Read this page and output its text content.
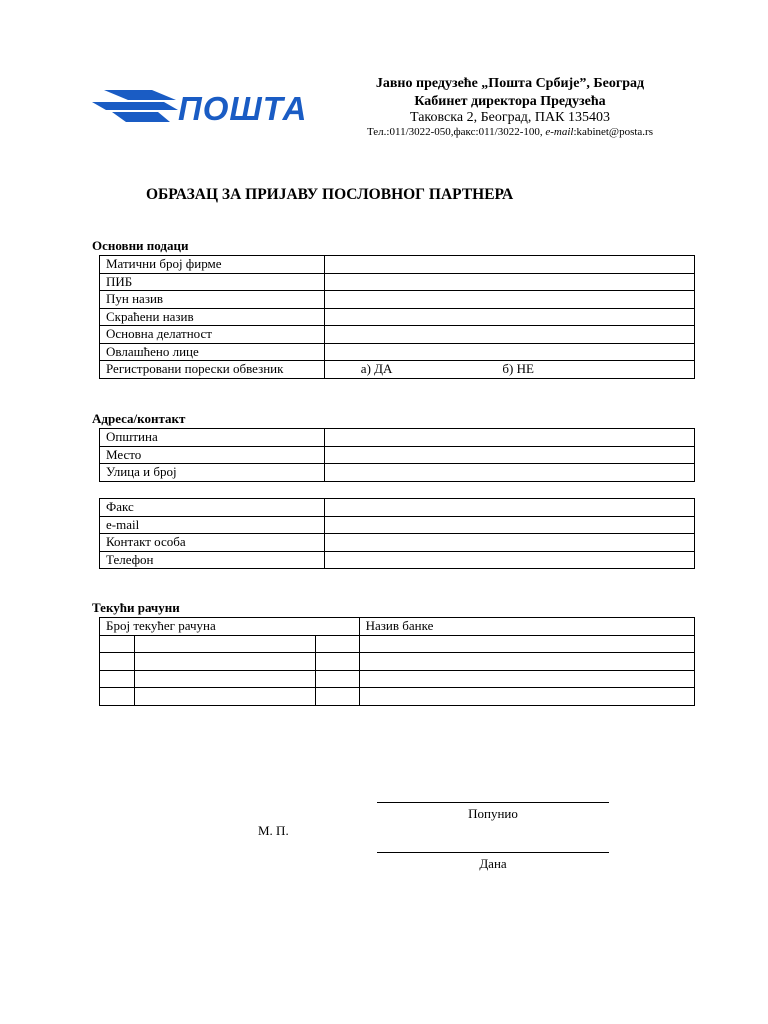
ПОШТА
Јавно предузеће „Пошта Србије”, Београд
Кабинет директора Предузећа
Таковска 2, Београд, ПАК 135403
Тел.:011/3022-050,факс:011/3022-100, e-mail:kabinet@posta.rs
ОБРАЗАЦ ЗА ПРИЈАВУ ПОСЛОВНОГ ПАРТНЕРА
Основни подаци
Матични број фирме	
ПИБ	
Пун назив	
Скраћени назив	
Основна делатност	
Овлашћено лице	
Регистровани порески обвезник	а) ДА б) НЕ
Адреса/контакт
Општина	
Место	
Улица и број	
Факс	
e-mail	
Контакт особа	
Телефон	
Текући рачуни
Број текућег рачуна			Назив банке

Попунио
М. П.
Дана
